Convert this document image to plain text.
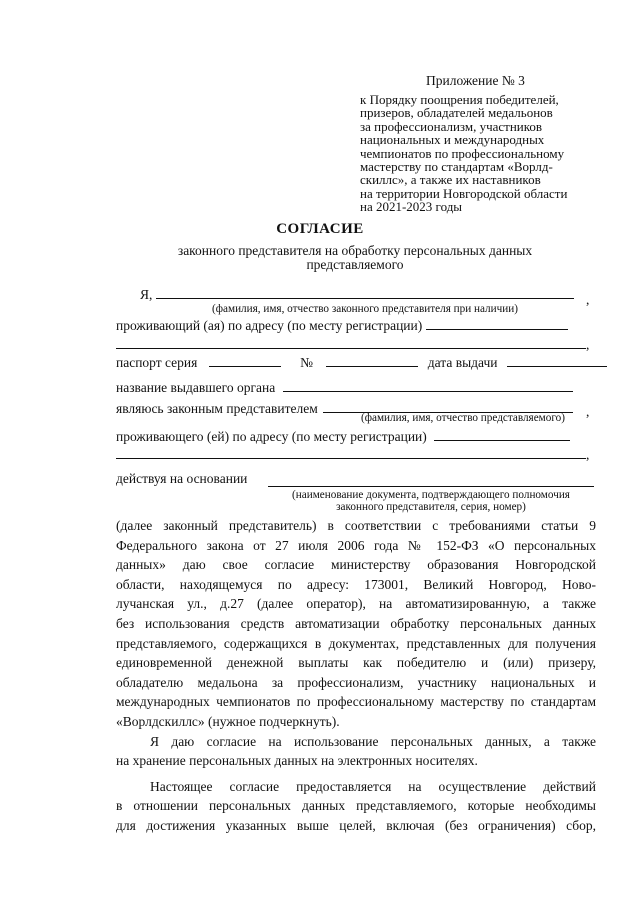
Приложение № 3
к Порядку поощрения победителей,
призеров, обладателей медальонов
за профессионализм, участников
национальных и международных
чемпионатов по профессиональному
мастерству по стандартам «Ворлд-
скиллс», а также их наставников
на территории Новгородской области
на 2021-2023 годы
СОГЛАСИЕ
законного представителя на обработку персональных данных
представляемого
Я,	,
(фамилия, имя, отчество законного представителя при наличии)
проживающий (ая) по адресу (по месту регистрации)
,
паспорт серия	№	дата выдачи
название выдавшего органа
являюсь законным представителем	,
(фамилия, имя, отчество представляемого)
проживающего (ей) по адресу (по месту регистрации)
,
действуя на основании
(наименование документа, подтверждающего полномочия
законного представителя, серия, номер)

(далее законный представитель) в соответствии с требованиями статьи 9
Федерального закона от 27 июля 2006 года № 152-ФЗ «О персональных
данных» даю свое согласие министерству образования Новгородской
области, находящемуся по адресу: 173001, Великий Новгород, Ново-
лучанская ул., д.27 (далее оператор), на автоматизированную, а также
без использования средств автоматизации обработку персональных данных
представляемого, содержащихся в документах, представленных для получения
единовременной денежной выплаты как победителю и (или) призеру,
обладателю медальона за профессионализм, участнику национальных и
международных чемпионатов по профессиональному мастерству по стандартам
«Ворлдскиллс» (нужное подчеркнуть).

Я даю согласие на использование персональных данных, а также
на хранение персональных данных на электронных носителях.

Настоящее согласие предоставляется на осуществление действий
в отношении персональных данных представляемого, которые необходимы
для достижения указанных выше целей, включая (без ограничения) сбор,
